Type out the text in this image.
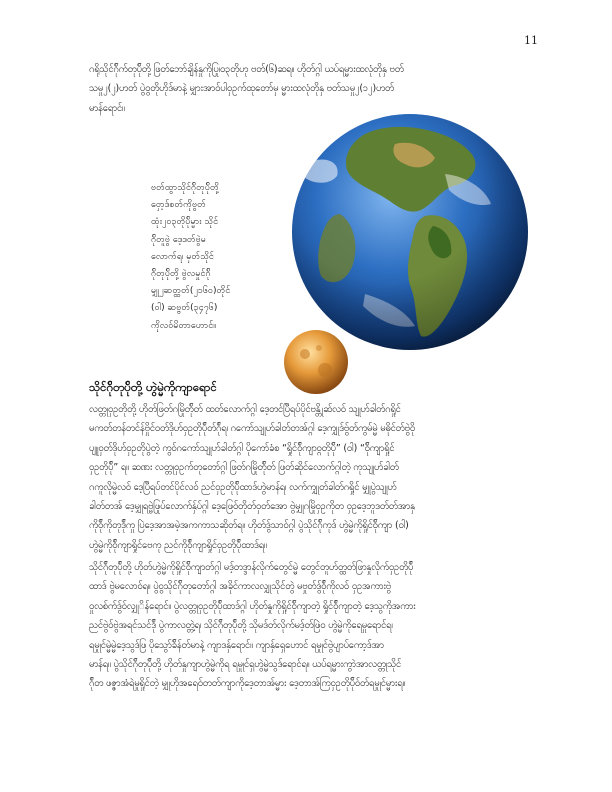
11

ဂရိုသိုင်ဂ်ိုက်တုပ်ိုတို့ ဖြတ်ဘော်ချိန်နှုကိုပြု၊ဝ၃တိုဟု ဗတ်(၆)ဆရ။ ဟိုတ်ဂ္ဂါ ယပ်ရမ္မားထလုံတိုနှ ဗတ်
သမှု၂(၂)ဟတ် ပွဲ၀ွတိုဟိုဒ်မာနဲ့ မျှားအာဝ်ပါ၀ှဥက်ထုတော်မှ မ္မားထလုံတိုနှ ဗတ်သမှု၂(၁၂)ဟတ်
မာန်ရောင်။

ဗတ်ထွာသိုင်ဂ်ိုတုပ်ိုတို့
ဝှော့ဒ်စတ်ကိုဗွတ်
ထုံး၂၀၃တိုပ်ိုမ္မား သိုင်
ဂ်ိုတူဗွဲ ဒေ့ဒတ်ဗွဲမ
လောက်ရ၊ မှတ်သိုင်
ဂ်ိုတုပ်ိုတို့ ဗွဲလမှုင်ဂ်ို
မျှု၂ဆတ္ထတ်(၂၁၆၀)တိုင်
(ဝါ) ဆဗ္ဗတ်(၃၄၇၆)
ကိုလဝ်မိတာဟောင်။

သိုင်ဂ်ိုတုပ်ိုတို့ ဟွဲမ္မဲကိုကျာရောင်

လတ္တု၀ှဥတိုတို့ ဟိုတ်ဖြတ်ဂမြိုတ်ိုတ် ထတ်လောက်ဂ္ဂါ ဒေ့တင်ပြီရပ်ပိုင်ဗန္တိုဆ်လဝ် သျုဟ်ခါတ်ဂရှိုင်
မကတ်တန်တင်န်ဗှိုင်ဝတ်ဒိုဟ်၀ှဥတိုပ်ိုတ်ဂ်ိုရ၊ ဂကော်သျုဟ်ခါတ်တအ်ဂ္ဂါ ဒေ့ကျှုဒ်ဗွ်တ်ကွမ်မ္မဲ မဓိုင်တ်ဗွဲဝို
ပျုုဝှတ်ဒိုဟ်၀ှဥတိုပွဲတဲ့ ကွဝ်ဂကော်သျုဟ်ခါတ်ဂ္ဂါ ပိုကော်ခံစ “ရှိုင်ဝ်ိုကျာဝ္ဂတိုပ်ို” (ဝါ) “ဝ်ိုကျာရှိုင်
၀ှဥတိုပ်ို” ရ။ ဆဏး လတ္တု၀ှဥက်တုတော်ဂ္ဂါ ဖြတ်ဂမြိုတ်ိုတ် ဖြတ်ဆိုင်လောက်ဂ္ဂါတဲ့ ကုသျုဟ်ခါတ်
ဂကူလိုမ္မဲလဝ် ဒေ့ပြီရပ်တင်ပိုင်လဝ် ညင်၀ှဥတိုပ်ိုထာဒ်ဟွဲမာန်ရ၊ လက်ကျှုတ်ခါတ်ဂရှိုင် မျှုပွဲသျုဟ်
ခါတ်တအ် ဒေ့မျှုရဗ္ဗဲဖြုပ်လောက်နှ်ပ်ဂ္ဂါ ဒေ့ဖြေဝ်တိုတ်ဝှတ်အော ဗွဲမျှုဂမြို၀ှဥကိုတ ၀ှဥဒေ့ဘူဒတ်တ်အာနှ
ကိုဝ်ိုကိုတုဒ်ိုကှု ပြဲဒေ့အာအမဲ့အကကာသဆိုတ်ရ။ ဟိုတ်ဒွ်သာ၀်ဂ္ဂါ ပွဲသိုင်ဂ်ိုကုဒ် ဟွဲမ္မဲကိုရှိုင်ဝ်ိုကျာ (ဝါ)
ဟွဲမ္မဲကိုဝ်ိုကျာရှိုင်ဗေကု ညင်ကိုဝ်ိုကျာရှိုင်၀ှဥတိုပ်ိုထာဒ်ရ။

သိုင်ဂ်ိုတုပ်ိုတို့ ဟိုတ်ဟွဲမ္မဲကိုရှိုင်ဝ်ိုကျာတ်ဂ္ဂါ မဒ့်တဒ္ဒာန်လိုက်တွေင်မ္မဲ တွေင်တူဟ်တ္ထတ်ဖြာနှုလိုက်၀ှဥတိုပ်ို
ထာဒ် ဗွဲမလောဝ်ရ။ ပွဲ၀ွသိုင်ဂ်ိုတုတော်ဂ္ဂါ အခိုင်ကာလလျှုသိုင်တွဲ မဗှုတ်ဒွ်ဝ်ိုကိုလဝ် ဝှဥအကားဗွဲ
ဝှုလစ်က်ဒွ်ဝ်လျှုိန်ရောင်။ ပွဲလတ္တု၀ှဥတိုပ်ိုထာဒ်ဂ္ဂါ ဟိုတ်နှုကိုရှိုင်ဝ်ိုကျာတဲ့ ရှိုင်ဝ်ိုကျာတဲ့ ဒေ့သွကိုအကား
ညင်ဗွဲဝ်ဗွဲအရင်သင်ဒ်ို ပွဲကာလတ္တဲ့ရ၊ သိုင်ဂ်ိုတုပ်ိုတို့ သိုမဒ်တ်လိုက်မဒ့်တ်ဖြဲ၀ ဟွဲမ္မဲကိုရေမှုရောင်ရ၊
ရမှုုင်မ္မဲမ္မဲဒေ့သွဒ်ဖြ ပိုသွော်ခ်ိန်တ်မာနဲ့ ကျာဒနှ်ရောင်။ ကျာနှ်ရှေဟောင် ရမှုုင်ဗွဲပျာပ်ကော့ဒ်အာ
မာန်ရ။ ပွဲသိုင်ဂ်ိုတုပ်ိုတို့ ဟိုတ်နှုကျာဟွဲမ္မဲကိုရ ရမှုုင်ရှဟွဲမ္မဲသွဒ်ရောင်ရ။ ယပ်ရမ္မားကွာဲအာလတ္တုသိုင်
ဂ်ိုတ ဖဇ္ဇာအံရဲမှုရှိုင်တဲ့ မျှုဟိုအရေဝ်တတ်ကျာကိုဒေ့တာအ်မ္မား ဒေ့တာအ်ကြ၀ှဥတိုပ်ိုဝ်တ်ရမှုုင်မ္မားရ။
